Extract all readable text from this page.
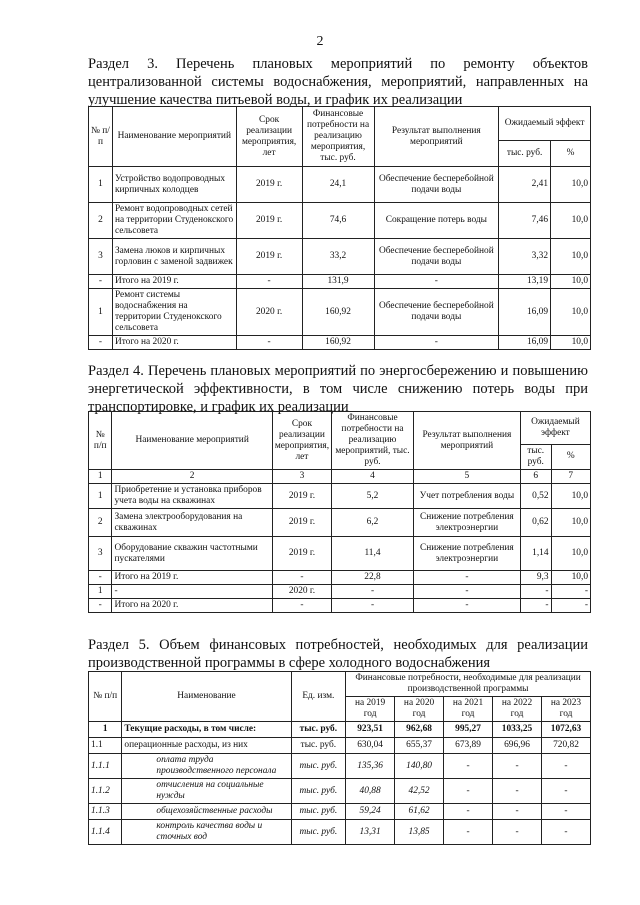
2
Раздел 3. Перечень плановых мероприятий по ремонту объектов централизованной системы водоснабжения, мероприятий, направленных на улучшение качества питьевой воды, и график их реализации
№ п/п	Наименование мероприятий	Срок реализации мероприятия, лет	Финансовые потребности на реализацию мероприятия, тыс. руб.	Результат выполнения мероприятий	Ожидаемый эффект	
					тыс. руб.	%
1	Устройство водопроводных кирпичных колодцев	2019 г.	24,1	Обеспечение бесперебойной подачи воды	2,41	10,0
2	Ремонт водопроводных сетей на территории Студенокского сельсовета	2019 г.	74,6	Сокращение потерь воды	7,46	10,0
3	Замена люков и кирпичных горловин с заменой задвижек	2019 г.	33,2	Обеспечение бесперебойной подачи воды	3,32	10,0
-	Итого на 2019 г.	-	131,9	-	13,19	10,0
1	Ремонт системы водоснабжения на территории Студенокского сельсовета	2020 г.	160,92	Обеспечение бесперебойной подачи воды	16,09	10,0
-	Итого на 2020 г.	-	160,92	-	16,09	10,0
Раздел 4. Перечень плановых мероприятий по энергосбережению и повышению энергетической эффективности, в том числе снижению потерь воды при транспортировке, и график их реализации
№ п/п	Наименование мероприятий	Срок реализации мероприятия, лет	Финансовые потребности на реализацию мероприятий, тыс. руб.	Результат выполнения мероприятий	Ожидаемый эффект	
					тыс. руб.	%
1	2	3	4	5	6	7
1	Приобретение и установка приборов учета воды на скважинах	2019 г.	5,2	Учет потребления воды	0,52	10,0
2	Замена электрооборудования на скважинах	2019 г.	6,2	Снижение потребления электроэнергии	0,62	10,0
3	Оборудование скважин частотными пускателями	2019 г.	11,4	Снижение потребления электроэнергии	1,14	10,0
-	Итого на 2019 г.	-	22,8	-	9,3	10,0
1	-	2020 г.	-	-	-	-
-	Итого на 2020 г.	-	-	-	-	-
Раздел 5. Объем финансовых потребностей, необходимых для реализации производственной программы в сфере холодного водоснабжения
№ п/п	Наименование	Ед. изм.	Финансовые потребности, необходимые для реализации производственной программы				
			на 2019 год	на 2020 год	на 2021 год	на 2022 год	на 2023 год
1	Текущие расходы, в том числе:	тыс. руб.	923,51	962,68	995,27	1033,25	1072,63
1.1	операционные расходы, из них	тыс. руб.	630,04	655,37	673,89	696,96	720,82
1.1.1	оплата труда производственного персонала	тыс. руб.	135,36	140,80	-	-	-
1.1.2	отчисления на социальные нужды	тыс. руб.	40,88	42,52	-	-	-
1.1.3	общехозяйственные расходы	тыс. руб.	59,24	61,62	-	-	-
1.1.4	контроль качества воды и сточных вод	тыс. руб.	13,31	13,85	-	-	-
